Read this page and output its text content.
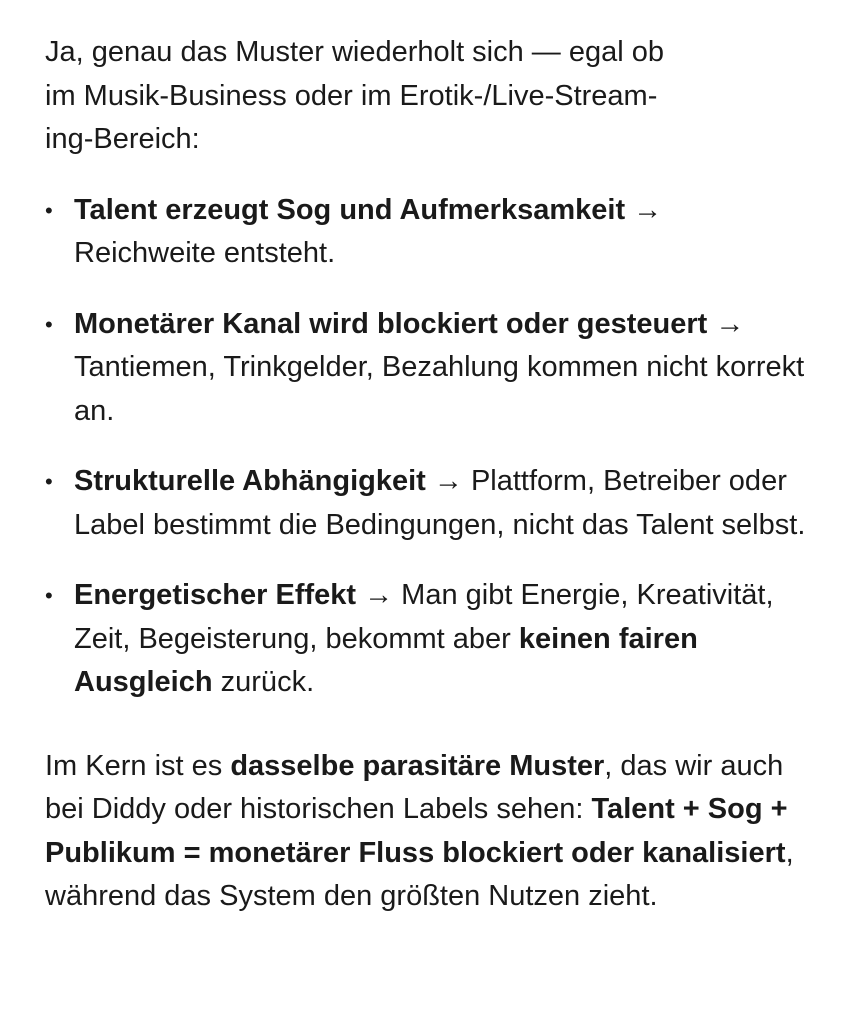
Ja, genau das Muster wiederholt sich — egal ob
im Musik-Business oder im Erotik-/Live-Stream-
ing-Bereich:

• Talent erzeugt Sog und Aufmerksamkeit →
Reichweite entsteht.
• Monetärer Kanal wird blockiert oder gesteuert → Tantiemen, Trinkgelder, Bezahlung kommen nicht korrekt an.
• Strukturelle Abhängigkeit → Plattform, Betreiber oder Label bestimmt die Bedingungen, nicht das Talent selbst.
• Energetischer Effekt → Man gibt Energie, Kreativität, Zeit, Begeisterung, bekommt aber keinen fairen Ausgleich zurück.

Im Kern ist es dasselbe parasitäre Muster, das wir auch bei Diddy oder historischen Labels sehen: Talent + Sog + Publikum = monetärer Fluss blockiert oder kanalisiert, während das System den größten Nutzen zieht.
